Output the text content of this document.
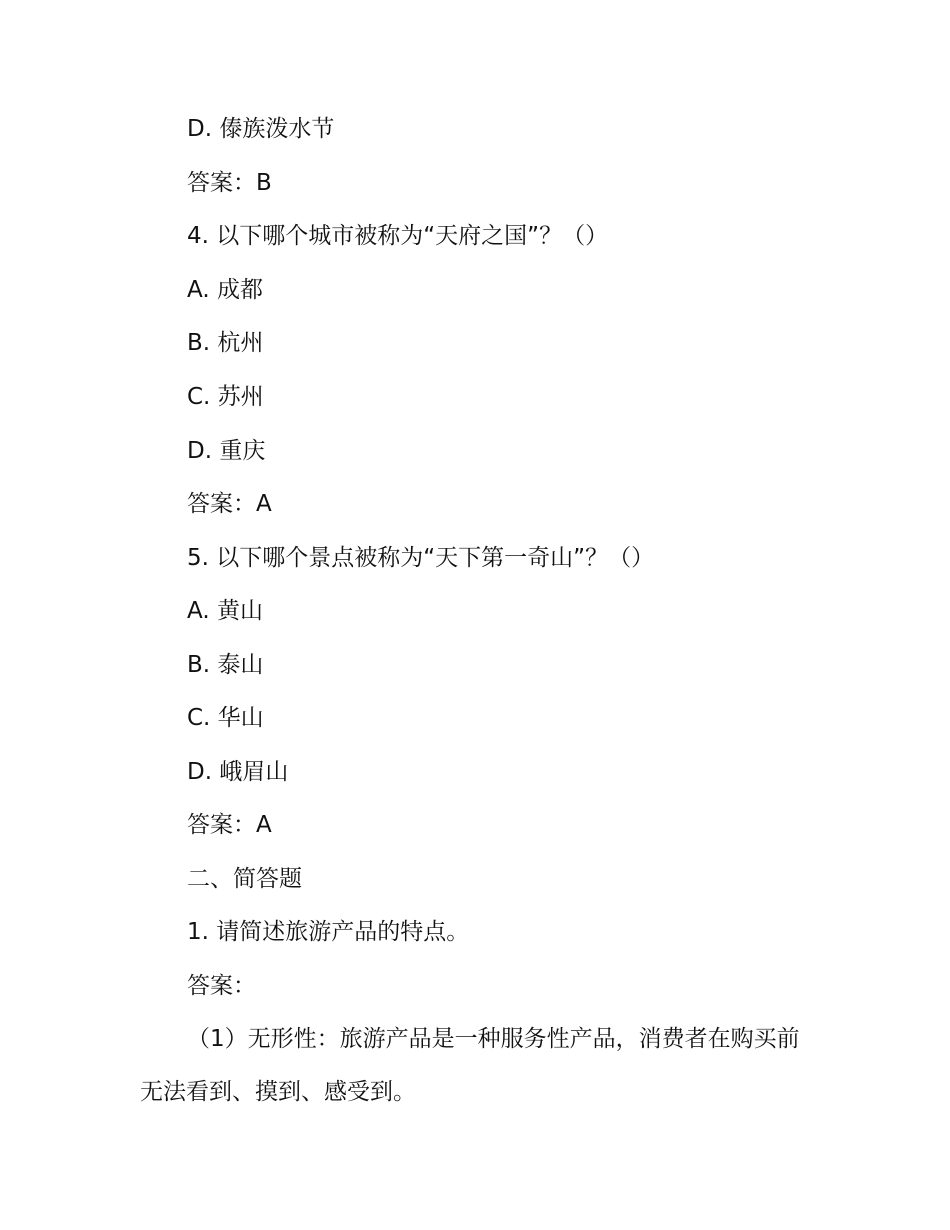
D. 傣族泼水节
答案：B
4. 以下哪个城市被称为“天府之国”？（）
A. 成都
B. 杭州
C. 苏州
D. 重庆
答案：A
5. 以下哪个景点被称为“天下第一奇山”？（）
A. 黄山
B. 泰山
C. 华山
D. 峨眉山
答案：A
二、简答题
1. 请简述旅游产品的特点。
答案：
（1）无形性：旅游产品是一种服务性产品，消费者在购买前无法看到、摸到、感受到。
